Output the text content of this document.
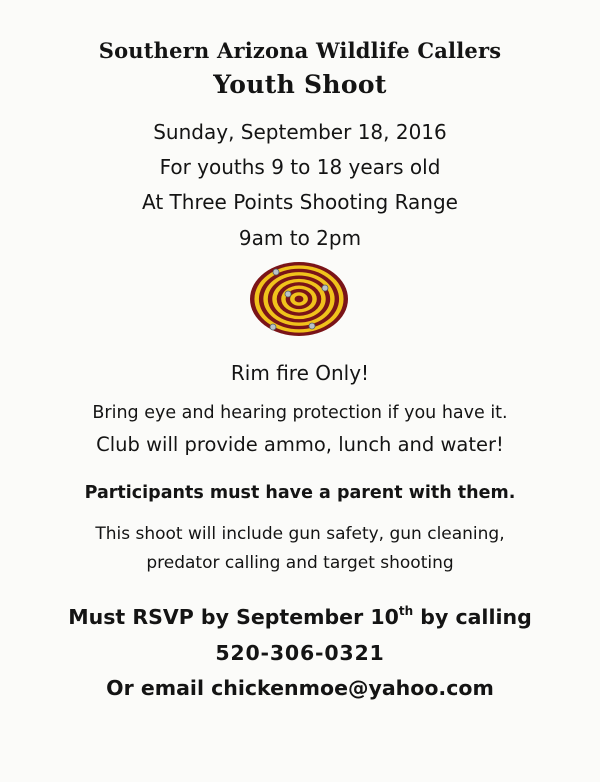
Southern Arizona Wildlife Callers
Youth Shoot
Sunday, September 18, 2016
For youths 9 to 18 years old
At Three Points Shooting Range
9am to 2pm
Rim fire Only!
Bring eye and hearing protection if you have it.
Club will provide ammo, lunch and water!
Participants must have a parent with them.
This shoot will include gun safety, gun cleaning,
predator calling and target shooting
Must RSVP by September 10th by calling
520-306-0321
Or email chickenmoe@yahoo.com
